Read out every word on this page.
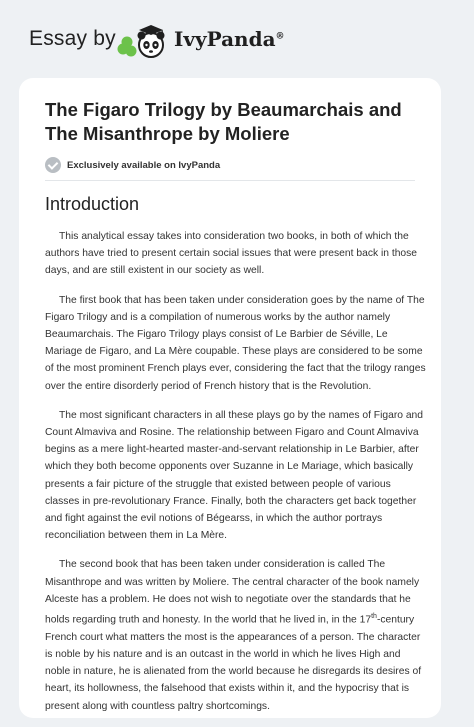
Essay by	IvyPanda®
The Figaro Trilogy by Beaumarchais and The Misanthrope by Moliere
Exclusively available on IvyPanda
Introduction

This analytical essay takes into consideration two books, in both of which the authors have tried to present certain social issues that were present back in those days, and are still existent in our society as well.

The first book that has been taken under consideration goes by the name of The Figaro Trilogy and is a compilation of numerous works by the author namely Beaumarchais. The Figaro Trilogy plays consist of Le Barbier de Séville, Le Mariage de Figaro, and La Mère coupable. These plays are considered to be some of the most prominent French plays ever, considering the fact that the trilogy ranges over the entire disorderly period of French history that is the Revolution.

The most significant characters in all these plays go by the names of Figaro and Count Almaviva and Rosine. The relationship between Figaro and Count Almaviva begins as a mere light-hearted master-and-servant relationship in Le Barbier, after which they both become opponents over Suzanne in Le Mariage, which basically presents a fair picture of the struggle that existed between people of various classes in pre-revolutionary France. Finally, both the characters get back together and fight against the evil notions of Bégearss, in which the author portrays reconciliation between them in La Mère.

The second book that has been taken under consideration is called The Misanthrope and was written by Moliere. The central character of the book namely Alceste has a problem. He does not wish to negotiate over the standards that he holds regarding truth and honesty. In the world that he lived in, in the 17th-century French court what matters the most is the appearances of a person. The character is noble by his nature and is an outcast in the world in which he lives High and noble in nature, he is alienated from the world because he disregards its desires of heart, its hollowness, the falsehood that exists within it, and the hypocrisy that is present along with countless paltry shortcomings.
